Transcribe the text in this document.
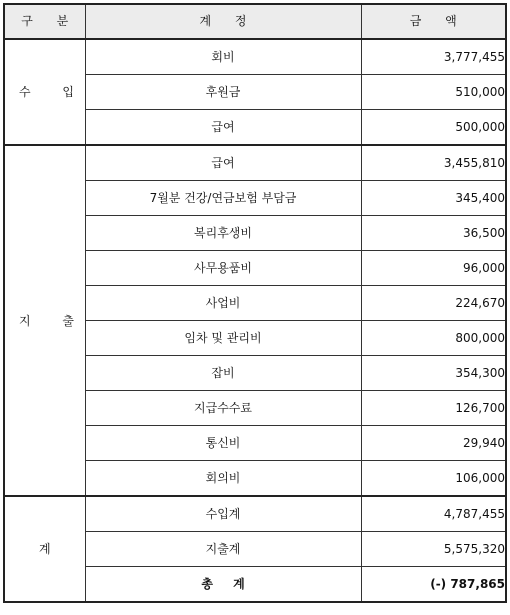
구 분	계 정	금 액
수 입	회비	3,777,455
	후원금	510,000
	급여	500,000
지 출	급여	3,455,810
	7월분 건강/연금보험 부담금	345,400
	복리후생비	36,500
	사무용품비	96,000
	사업비	224,670
	임차 및 관리비	800,000
	잡비	354,300
	지급수수료	126,700
	통신비	29,940
	회의비	106,000
계	수입계	4,787,455
	지출계	5,575,320
	총 계	(-) 787,865
